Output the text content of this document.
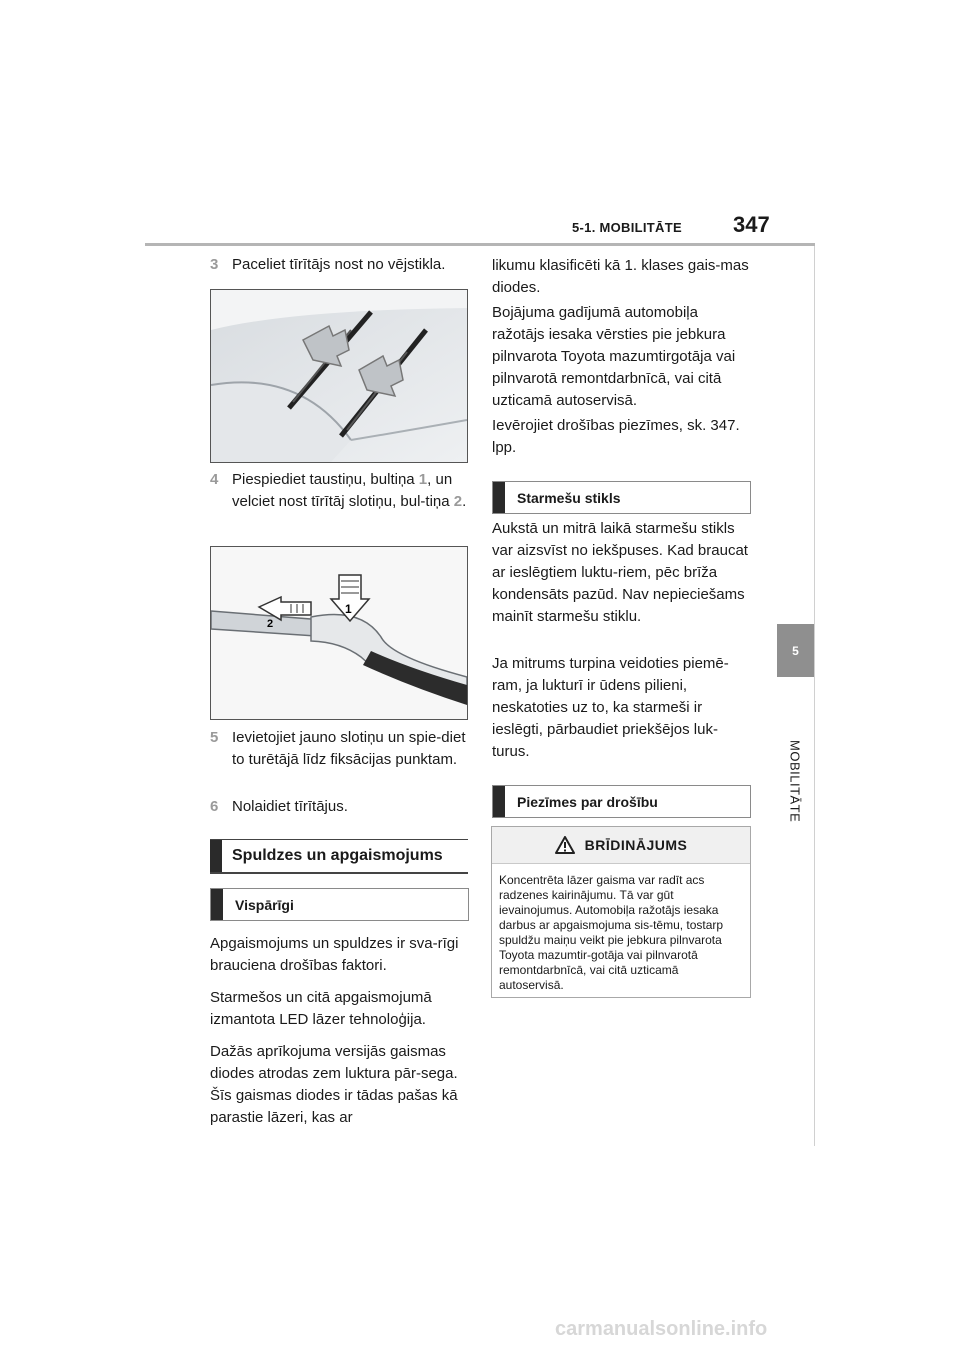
5-1. MOBILITĀTE 347
5
MOBILITĀTE
3 Paceliet tīrītājs nost no vējstikla.
4 Piespiediet taustiņu, bultiņa 1, un velciet nost tīrītāj slotiņu, bul-tiņa 2.
1
2
5 Ievietojiet jauno slotiņu un spie-diet to turētājā līdz fiksācijas punktam.
6 Nolaidiet tīrītājus.
Spuldzes un apgaismojums
Vispārīgi
Apgaismojums un spuldzes ir sva-rīgi brauciena drošības faktori.
Starmešos un citā apgaismojumā izmantota LED lāzer tehnoloģija.
Dažās aprīkojuma versijās gaismas diodes atrodas zem luktura pār-sega. Šīs gaismas diodes ir tādas pašas kā parastie lāzeri, kas ar
likumu klasificēti kā 1. klases gais-mas diodes.
Bojājuma gadījumā automobiļa ražotājs iesaka vērsties pie jebkura pilnvarota Toyota mazumtirgotāja vai pilnvarotā remontdarbnīcā, vai citā uzticamā autoservisā.
Ievērojiet drošības piezīmes, sk. 347. lpp.
Starmešu stikls
Aukstā un mitrā laikā starmešu stikls var aizsvīst no iekšpuses. Kad braucat ar ieslēgtiem luktu-riem, pēc brīža kondensāts pazūd. Nav nepieciešams mainīt starmešu stiklu.
Ja mitrums turpina veidoties piemē-ram, ja lukturī ir ūdens pilieni, neskatoties uz to, ka starmeši ir ieslēgti, pārbaudiet priekšējos luk-turus.
Piezīmes par drošību
BRĪDINĀJUMS
Koncentrēta lāzer gaisma var radīt acs radzenes kairinājumu. Tā var gūt ievainojumus. Automobiļa ražotājs iesaka darbus ar apgaismojuma sis-tēmu, tostarp spuldžu maiņu veikt pie jebkura pilnvarota Toyota mazumtir-gotāja vai pilnvarotā remontdarbnīcā, vai citā uzticamā autoservisā.
carmanualsonline.info
